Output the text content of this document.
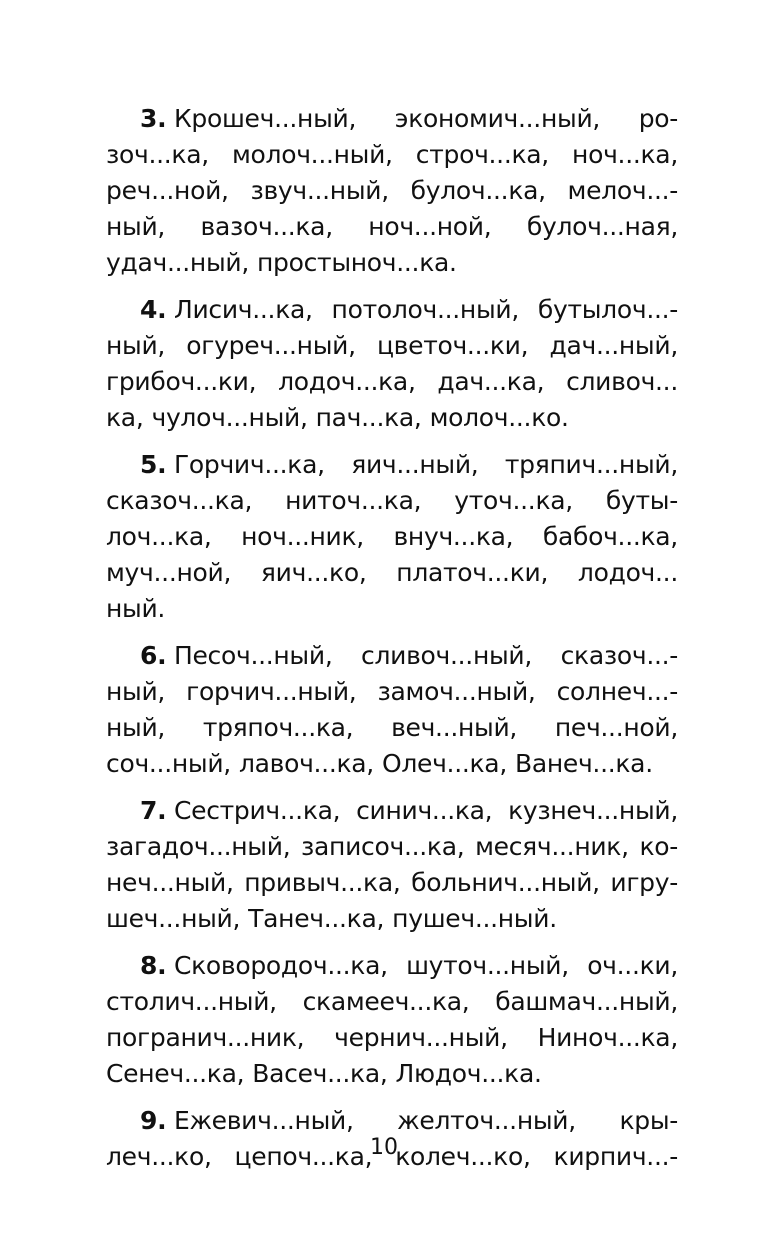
3. Крошеч...ный, экономич...ный, ро-
зоч...ка, молоч...ный, строч...ка, ноч...ка,
реч...ной, звуч...ный, булоч...ка, мелоч...-
ный, вазоч...ка, ноч...ной, булоч...ная,
удач...ный, простыноч...ка.
4. Лисич...ка, потолоч...ный, бутылоч...-
ный, огуреч...ный, цветоч...ки, дач...ный,
грибоч...ки, лодоч...ка, дач...ка, сливоч...
ка, чулоч...ный, пач...ка, молоч...ко.
5. Горчич...ка, яич...ный, тряпич...ный,
сказоч...ка, ниточ...ка, уточ...ка, буты-
лоч...ка, ноч...ник, внуч...ка, бабоч...ка,
муч...ной, яич...ко, платоч...ки, лодоч...
ный.
6. Песоч...ный, сливоч...ный, сказоч...-
ный, горчич...ный, замоч...ный, солнеч...-
ный, тряпоч...ка, веч...ный, печ...ной,
соч...ный, лавоч...ка, Олеч...ка, Ванеч...ка.
7. Сестрич...ка, синич...ка, кузнеч...ный,
загадоч...ный, записоч...ка, месяч...ник, ко-
неч...ный, привыч...ка, больнич...ный, игру-
шеч...ный, Танеч...ка, пушеч...ный.
8. Сковородоч...ка, шуточ...ный, оч...ки,
столич...ный, скамееч...ка, башмач...ный,
погранич...ник, чернич...ный, Ниноч...ка,
Сенеч...ка, Васеч...ка, Людоч...ка.
9. Ежевич...ный, желточ...ный, кры-
леч...ко, цепоч...ка, колеч...ко, кирпич...-
10
